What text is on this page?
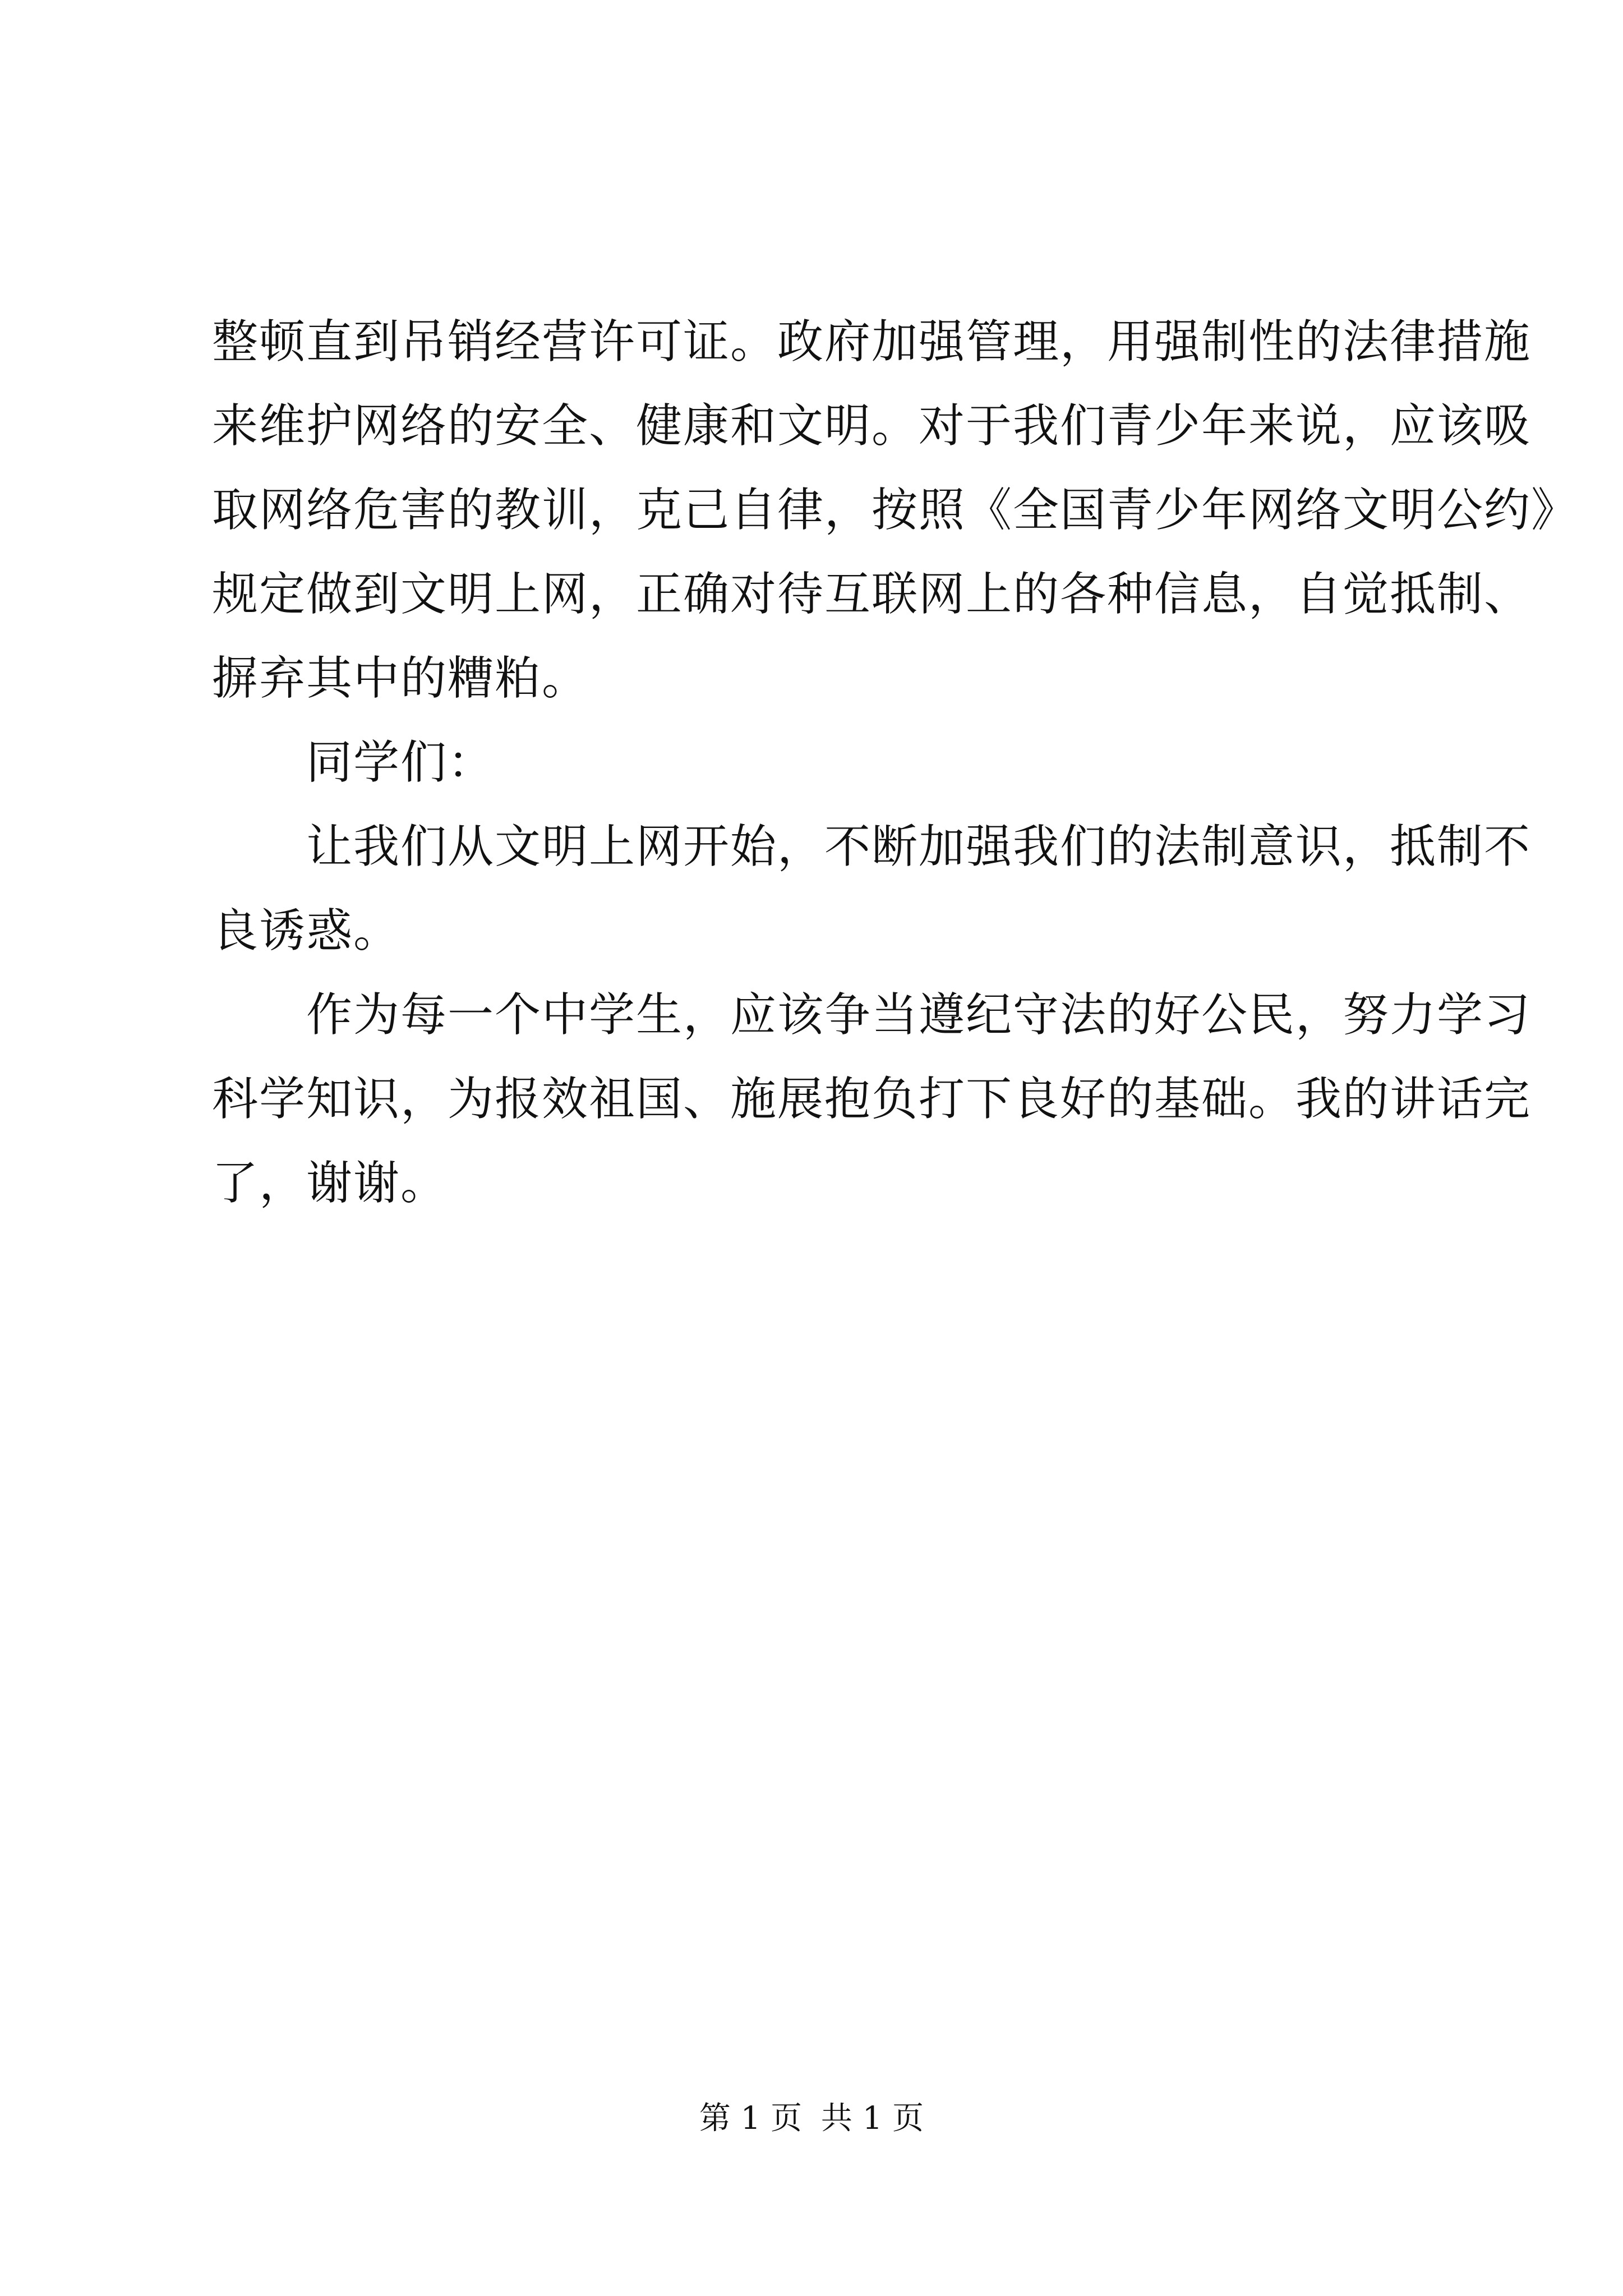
整顿直到吊销经营许可证。政府加强管理，用强制性的法律措施
来维护网络的安全、健康和文明。对于我们青少年来说，应该吸
取网络危害的教训，克己自律，按照《全国青少年网络文明公约》
规定做到文明上网，正确对待互联网上的各种信息，自觉抵制、
摒弃其中的糟粕。
　　同学们：
　　让我们从文明上网开始，不断加强我们的法制意识，抵制不
良诱惑。
　　作为每一个中学生，应该争当遵纪守法的好公民，努力学习
科学知识，为报效祖国、施展抱负打下良好的基础。我的讲话完
了，谢谢。
第 1 页 共 1 页
